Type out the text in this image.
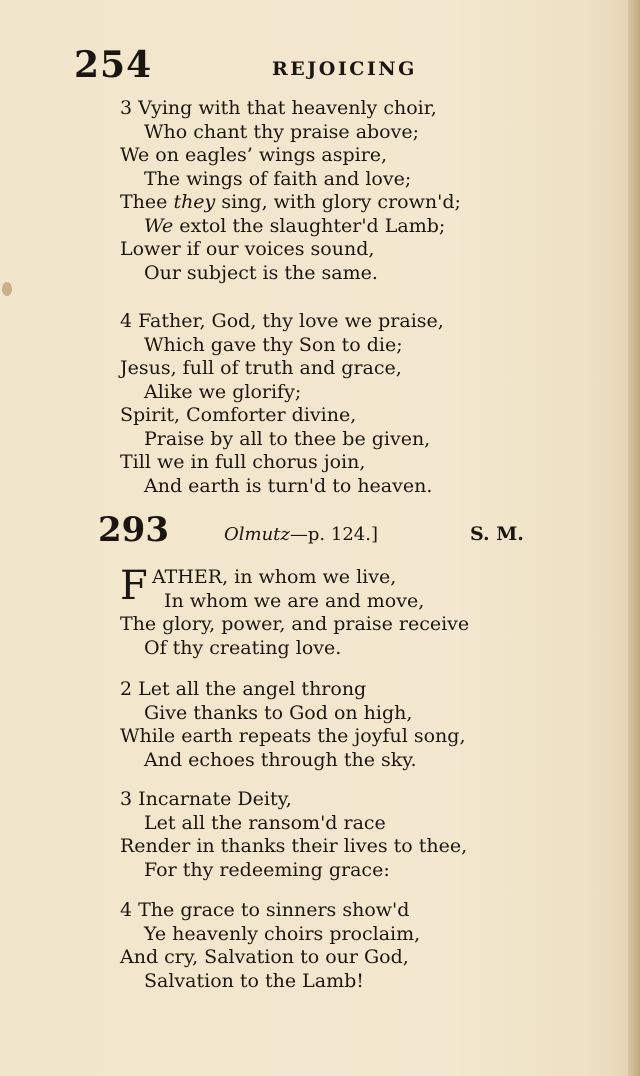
254	REJOICING
3 Vying with that heavenly choir,
Who chant thy praise above;
We on eagles’ wings aspire,
The wings of faith and love;
Thee they sing, with glory crown'd;
We extol the slaughter'd Lamb;
Lower if our voices sound,
Our subject is the same.
4 Father, God, thy love we praise,
Which gave thy Son to die;
Jesus, full of truth and grace,
Alike we glorify;
Spirit, Comforter divine,
Praise by all to thee be given,
Till we in full chorus join,
And earth is turn'd to heaven.
293	Olmutz—p. 124.]	S. M.
F ATHER, in whom we live,
In whom we are and move,
The glory, power, and praise receive
Of thy creating love.
2 Let all the angel throng
Give thanks to God on high,
While earth repeats the joyful song,
And echoes through the sky.
3 Incarnate Deity,
Let all the ransom'd race
Render in thanks their lives to thee,
For thy redeeming grace:
4 The grace to sinners show'd
Ye heavenly choirs proclaim,
And cry, Salvation to our God,
Salvation to the Lamb!
